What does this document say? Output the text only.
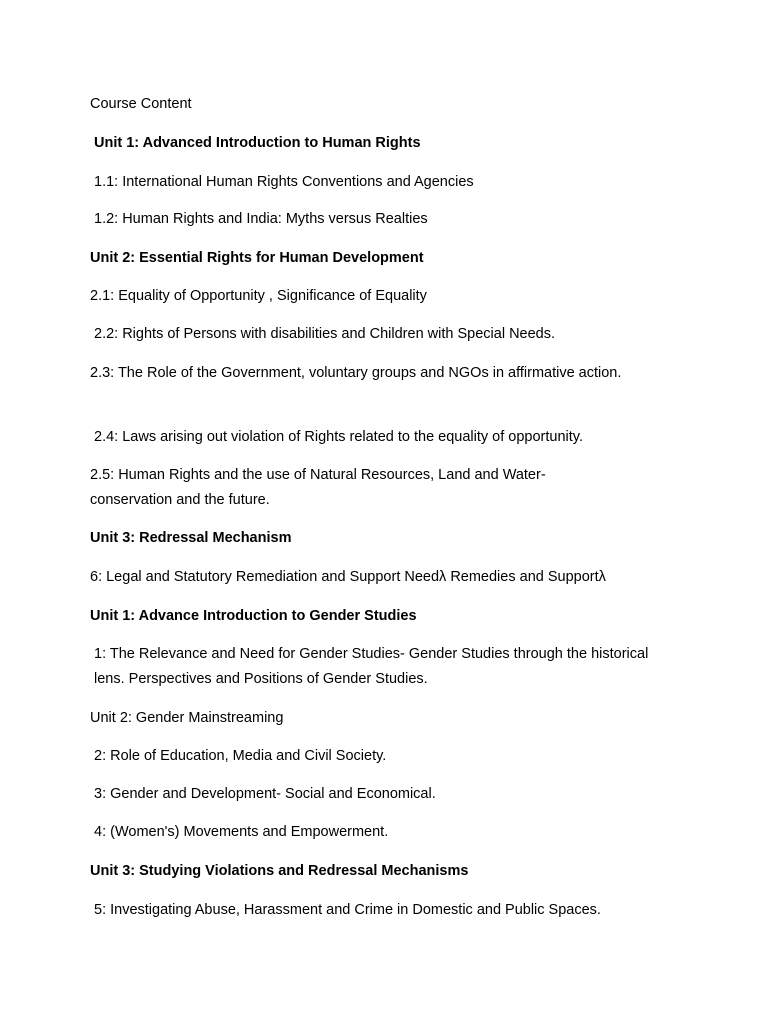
Course Content
Unit 1: Advanced Introduction to Human Rights
1.1: International Human Rights Conventions and Agencies
1.2: Human Rights and India: Myths versus Realties
Unit 2: Essential Rights for Human Development
2.1: Equality of Opportunity , Significance of Equality
2.2: Rights of Persons with disabilities and Children with Special Needs.
2.3: The Role of the Government, voluntary groups and NGOs in affirmative action.
2.4: Laws arising out violation of Rights related to the equality of opportunity.
2.5: Human Rights and the use of Natural Resources, Land and Water-conservation and the future.
Unit 3: Redressal Mechanism
6: Legal and Statutory Remediation and Support Needλ Remedies and Supportλ
Unit 1: Advance Introduction to Gender Studies
1: The Relevance and Need for Gender Studies- Gender Studies through the historical lens. Perspectives and Positions of Gender Studies.
Unit 2: Gender Mainstreaming
2: Role of Education, Media and Civil Society.
3: Gender and Development- Social and Economical.
4: (Women's) Movements and Empowerment.
Unit 3: Studying Violations and Redressal Mechanisms
5: Investigating Abuse, Harassment and Crime in Domestic and Public Spaces.
